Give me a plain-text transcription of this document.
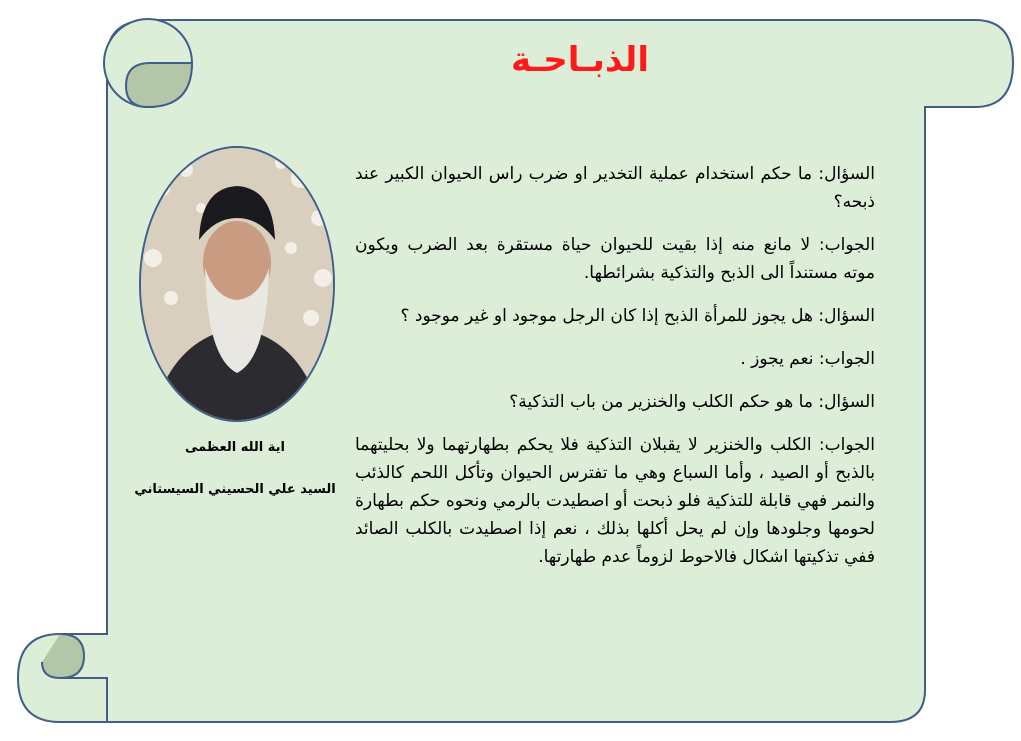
الذبـاحـة
اية الله العظمى
السيد علي الحسيني السيستاني

السؤال: ما حكم استخدام عملية التخدير او ضرب راس الحيوان الكبير عند ذبحه؟

الجواب: لا مانع منه إذا بقيت للحيوان حياة مستقرة بعد الضرب ويكون موته مستنداً الى الذبح والتذكية بشرائطها.

السؤال: هل يجوز للمرأة الذبح إذا كان الرجل موجود او غير موجود ؟

الجواب: نعم يجوز .

السؤال: ما هو حكم الكلب والخنزير من باب التذكية؟

الجواب: الكلب والخنزير لا يقبلان التذكية فلا يحكم بطهارتهما ولا بحليتهما بالذبح أو الصيد ، وأما السباع وهي ما تفترس الحيوان وتأكل اللحم كالذئب والنمر فهي قابلة للتذكية فلو ذبحت أو اصطيدت بالرمي ونحوه حكم بطهارة لحومها وجلودها وإن لم يحل أكلها بذلك ، نعم إذا اصطيدت بالكلب الصائد ففي تذكيتها اشكال فالاحوط لزوماً عدم طهارتها.
